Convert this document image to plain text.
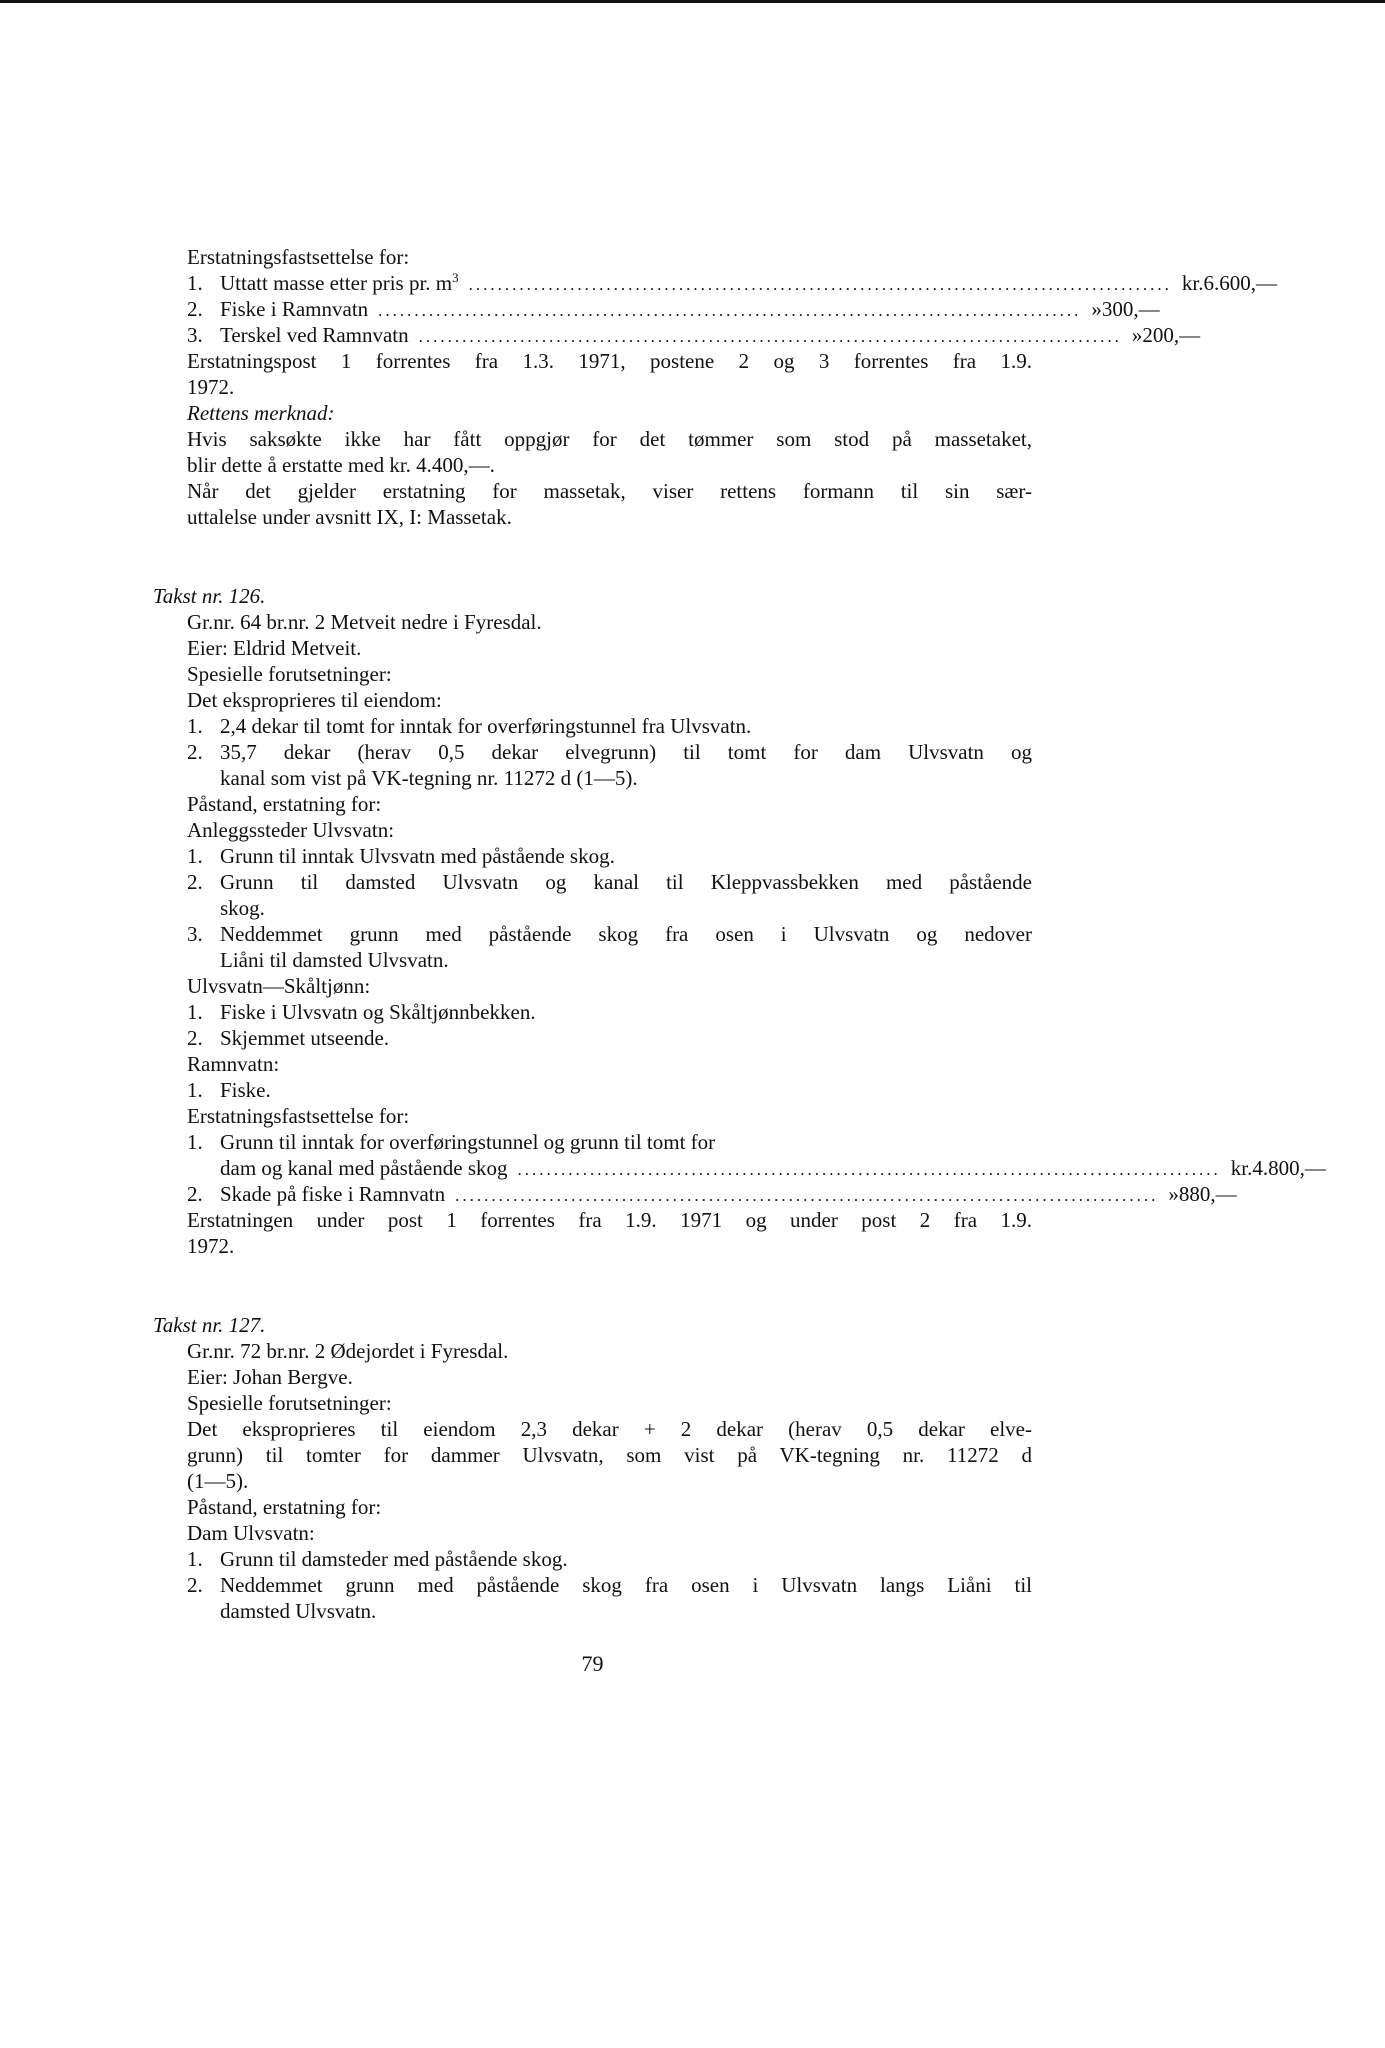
Erstatningsfastsettelse for:
1. Uttatt masse etter pris pr. $m^3$ ................................................................................................. kr. 6.600,—
2. Fiske i Ramnvatn ................................................................................................. » 300,—
3. Terskel ved Ramnvatn ................................................................................................. » 200,—
Erstatningspost 1 forrentes fra 1.3. 1971, postene 2 og 3 forrentes fra 1.9.
1972.
Rettens merknad:
Hvis saksøkte ikke har fått oppgjør for det tømmer som stod på massetaket,
blir dette å erstatte med kr. 4.400,—.
Når det gjelder erstatning for massetak, viser rettens formann til sin sær-
uttalelse under avsnitt IX, I: Massetak.
Takst nr. 126.
Gr.nr. 64 br.nr. 2 Metveit nedre i Fyresdal.
Eier: Eldrid Metveit.
Spesielle forutsetninger:
Det eksproprieres til eiendom:
1. 2,4 dekar til tomt for inntak for overføringstunnel fra Ulvsvatn.
2. 35,7 dekar (herav 0,5 dekar elvegrunn) til tomt for dam Ulvsvatn og
kanal som vist på VK-tegning nr. 11272 d (1—5).
Påstand, erstatning for:
Anleggssteder Ulvsvatn:
1. Grunn til inntak Ulvsvatn med påstående skog.
2. Grunn til damsted Ulvsvatn og kanal til Kleppvassbekken med påstående
skog.
3. Neddemmet grunn med påstående skog fra osen i Ulvsvatn og nedover
Liåni til damsted Ulvsvatn.
Ulvsvatn—Skåltjønn:
1. Fiske i Ulvsvatn og Skåltjønnbekken.
2. Skjemmet utseende.
Ramnvatn:
1. Fiske.
Erstatningsfastsettelse for:
1. Grunn til inntak for overføringstunnel og grunn til tomt for
dam og kanal med påstående skog ................................................................................................. kr. 4.800,—
2. Skade på fiske i Ramnvatn ................................................................................................. » 880,—
Erstatningen under post 1 forrentes fra 1.9. 1971 og under post 2 fra 1.9.
1972.
Takst nr. 127.
Gr.nr. 72 br.nr. 2 Ødejordet i Fyresdal.
Eier: Johan Bergve.
Spesielle forutsetninger:
Det eksproprieres til eiendom 2,3 dekar + 2 dekar (herav 0,5 dekar elve-
grunn) til tomter for dammer Ulvsvatn, som vist på VK-tegning nr. 11272 d
(1—5).
Påstand, erstatning for:
Dam Ulvsvatn:
1. Grunn til damsteder med påstående skog.
2. Neddemmet grunn med påstående skog fra osen i Ulvsvatn langs Liåni til
damsted Ulvsvatn.
79
